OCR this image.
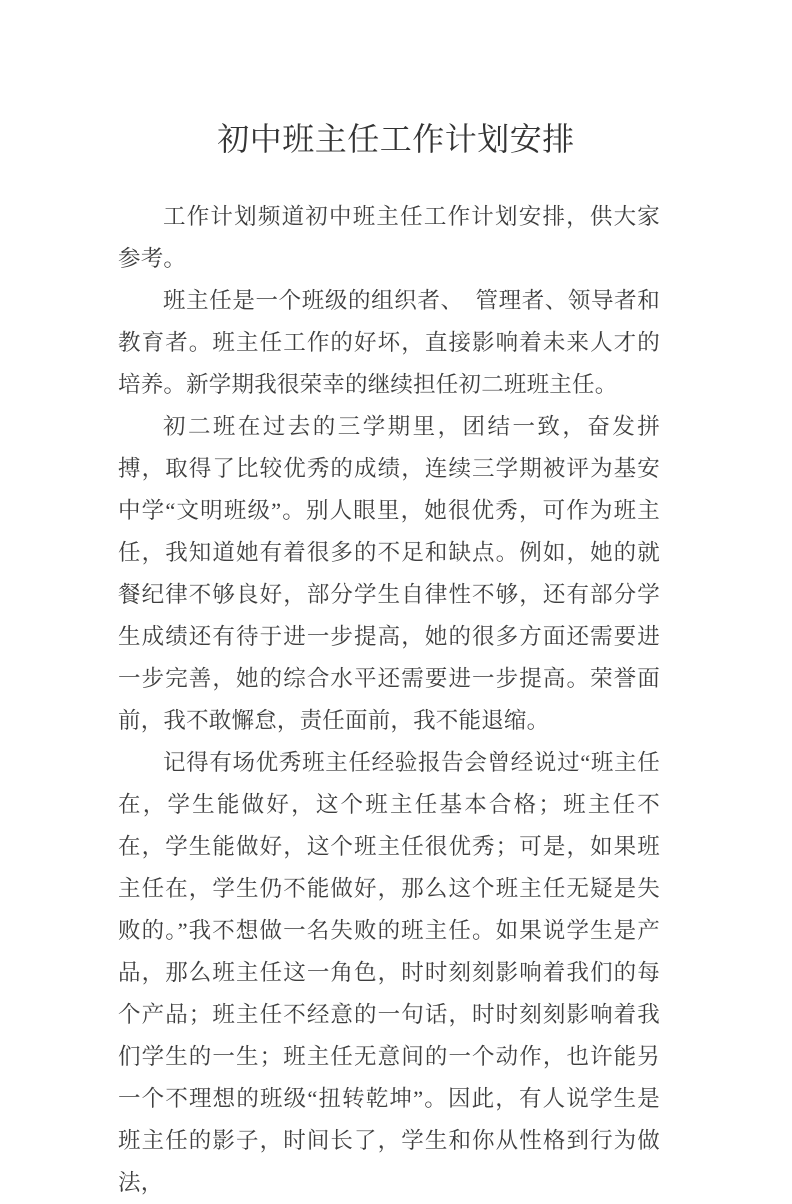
初中班主任工作计划安排

工作计划频道初中班主任工作计划安排，供大家参考。

班主任是一个班级的组织者、　管理者、领导者和教育者。班主任工作的好坏，直接影响着未来人才的培养。新学期我很荣幸的继续担任初二班班主任。

初二班在过去的三学期里，团结一致，奋发拼搏，取得了比较优秀的成绩，连续三学期被评为基安中学“文明班级”。别人眼里，她很优秀，可作为班主任，我知道她有着很多的不足和缺点。例如，她的就餐纪律不够良好，部分学生自律性不够，还有部分学生成绩还有待于进一步提高，她的很多方面还需要进一步完善，她的综合水平还需要进一步提高。荣誉面前，我不敢懈怠，责任面前，我不能退缩。

记得有场优秀班主任经验报告会曾经说过“班主任在，学生能做好，这个班主任基本合格；班主任不在，学生能做好，这个班主任很优秀；可是，如果班主任在，学生仍不能做好，那么这个班主任无疑是失败的。”我不想做一名失败的班主任。如果说学生是产品，那么班主任这一角色，时时刻刻影响着我们的每个产品；班主任不经意的一句话，时时刻刻影响着我们学生的一生；班主任无意间的一个动作，也许能另一个不理想的班级“扭转乾坤”。因此，有人说学生是班主任的影子，时间长了，学生和你从性格到行为做法，
